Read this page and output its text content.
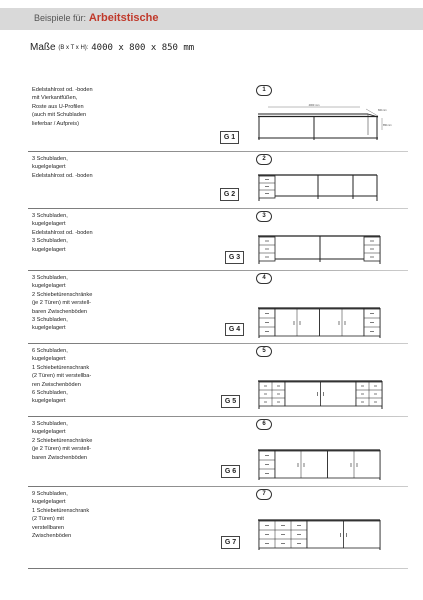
Beispiele für: Arbeitstische
Maße (B x T x H): 4000 x 800 x 850 mm
Edelstahlrost od. -boden
mit Vierkantfüßen,
Roste aus U-Profilen
(auch mit Schubladen
lieferbar / Aufpreis)
1
G 1
4000 mm
800 mm
850 mm
3 Schubladen,
kugelgelagert
Edelstahlrost od. -boden
2
G 2
3 Schubladen,
kugelgelagert
Edelstahlrost od. -boden
3 Schubladen,
kugelgelagert
3
G 3
3 Schubladen,
kugelgelagert
2 Schiebetürenschränke
(je 2 Türen) mit verstell-
baren Zwischenböden
3 Schubladen,
kugelgelagert
4
G 4
6 Schubladen,
kugelgelagert
1 Schiebetürenschrank
(2 Türen) mit verstellba-
ren Zwischenböden
6 Schubladen,
kugelgelagert
5
G 5
3 Schubladen,
kugelgelagert
2 Schiebetürenschränke
(je 2 Türen) mit verstell-
baren Zwischenböden
6
G 6
9 Schubladen,
kugelgelagert
1 Schiebetürenschrank
(2 Türen) mit
verstellbaren
Zwischenböden
7
G 7
